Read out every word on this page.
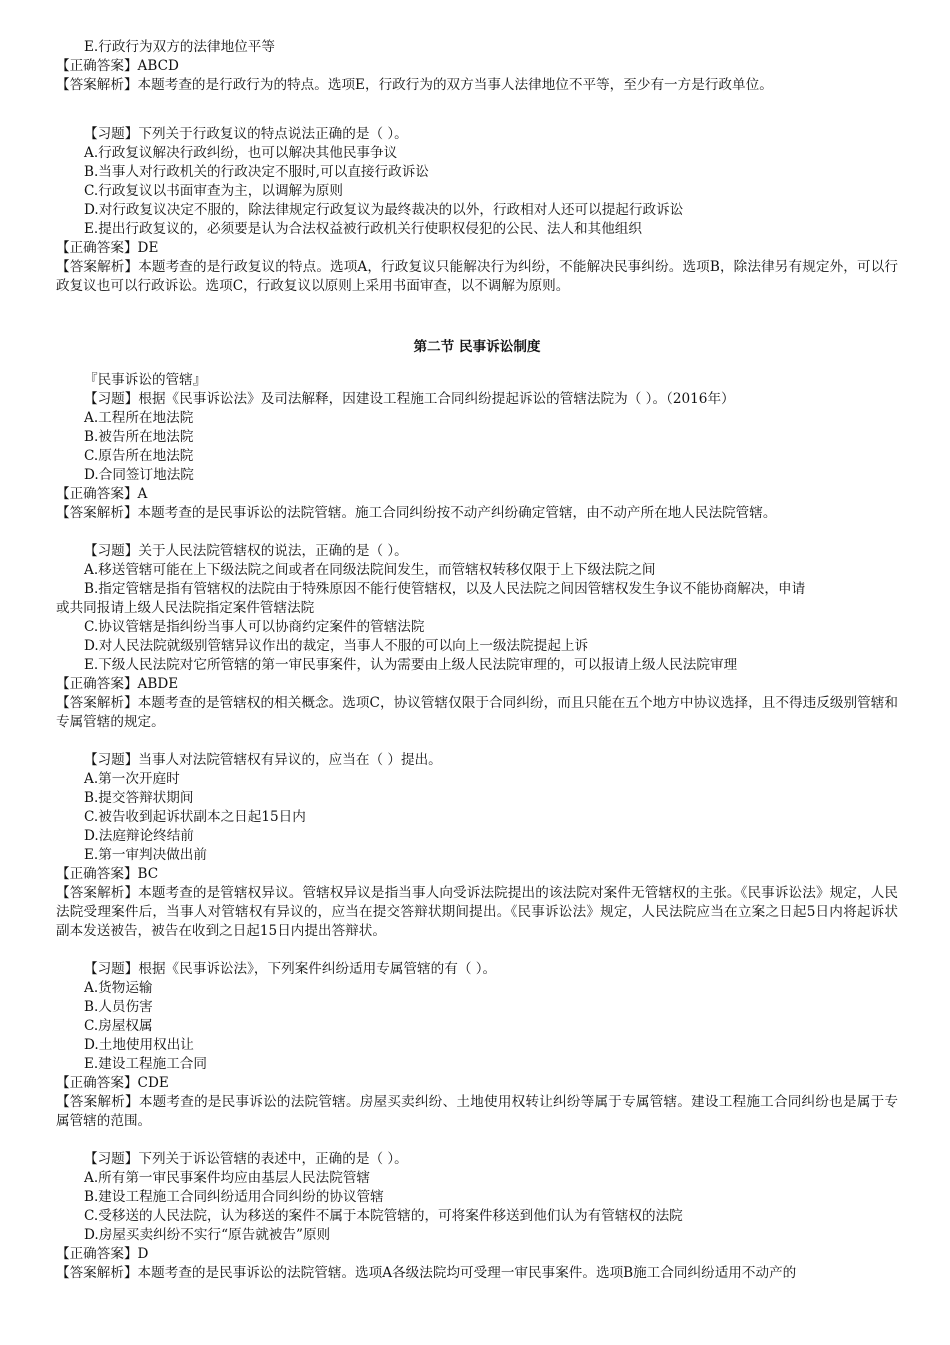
E.行政行为双方的法律地位平等
【正确答案】ABCD
【答案解析】本题考查的是行政行为的特点。选项E，行政行为的双方当事人法律地位不平等，至少有一方是行政单位。
【习题】下列关于行政复议的特点说法正确的是（ ）。
A.行政复议解决行政纠纷，也可以解决其他民事争议
B.当事人对行政机关的行政决定不服时,可以直接行政诉讼
C.行政复议以书面审查为主，以调解为原则
D.对行政复议决定不服的，除法律规定行政复议为最终裁决的以外，行政相对人还可以提起行政诉讼
E.提出行政复议的，必须要是认为合法权益被行政机关行使职权侵犯的公民、法人和其他组织
【正确答案】DE
【答案解析】本题考查的是行政复议的特点。选项A，行政复议只能解决行为纠纷，不能解决民事纠纷。选项B，除法律另有规定外，可以行政复议也可以行政诉讼。选项C，行政复议以原则上采用书面审查，以不调解为原则。
第二节 民事诉讼制度
『民事诉讼的管辖』
【习题】根据《民事诉讼法》及司法解释，因建设工程施工合同纠纷提起诉讼的管辖法院为（ ）。（2016年）
A.工程所在地法院
B.被告所在地法院
C.原告所在地法院
D.合同签订地法院
【正确答案】A
【答案解析】本题考查的是民事诉讼的法院管辖。施工合同纠纷按不动产纠纷确定管辖，由不动产所在地人民法院管辖。
【习题】关于人民法院管辖权的说法，正确的是（ ）。
A.移送管辖可能在上下级法院之间或者在同级法院间发生，而管辖权转移仅限于上下级法院之间
B.指定管辖是指有管辖权的法院由于特殊原因不能行使管辖权，以及人民法院之间因管辖权发生争议不能协商解决，申请
或共同报请上级人民法院指定案件管辖法院
C.协议管辖是指纠纷当事人可以协商约定案件的管辖法院
D.对人民法院就级别管辖异议作出的裁定，当事人不服的可以向上一级法院提起上诉
E.下级人民法院对它所管辖的第一审民事案件，认为需要由上级人民法院审理的，可以报请上级人民法院审理
【正确答案】ABDE
【答案解析】本题考查的是管辖权的相关概念。选项C，协议管辖仅限于合同纠纷，而且只能在五个地方中协议选择，且不得违反级别管辖和专属管辖的规定。
【习题】当事人对法院管辖权有异议的，应当在（ ）提出。
A.第一次开庭时
B.提交答辩状期间
C.被告收到起诉状副本之日起15日内
D.法庭辩论终结前
E.第一审判决做出前
【正确答案】BC
【答案解析】本题考查的是管辖权异议。管辖权异议是指当事人向受诉法院提出的该法院对案件无管辖权的主张。《民事诉讼法》规定，人民法院受理案件后，当事人对管辖权有异议的，应当在提交答辩状期间提出。《民事诉讼法》规定，人民法院应当在立案之日起5日内将起诉状副本发送被告，被告在收到之日起15日内提出答辩状。
【习题】根据《民事诉讼法》，下列案件纠纷适用专属管辖的有（ ）。
A.货物运输
B.人员伤害
C.房屋权属
D.土地使用权出让
E.建设工程施工合同
【正确答案】CDE
【答案解析】本题考查的是民事诉讼的法院管辖。房屋买卖纠纷、土地使用权转让纠纷等属于专属管辖。建设工程施工合同纠纷也是属于专属管辖的范围。
【习题】下列关于诉讼管辖的表述中，正确的是（ ）。
A.所有第一审民事案件均应由基层人民法院管辖
B.建设工程施工合同纠纷适用合同纠纷的协议管辖
C.受移送的人民法院，认为移送的案件不属于本院管辖的，可将案件移送到他们认为有管辖权的法院
D.房屋买卖纠纷不实行“原告就被告”原则
【正确答案】D
【答案解析】本题考查的是民事诉讼的法院管辖。选项A各级法院均可受理一审民事案件。选项B施工合同纠纷适用不动产的
